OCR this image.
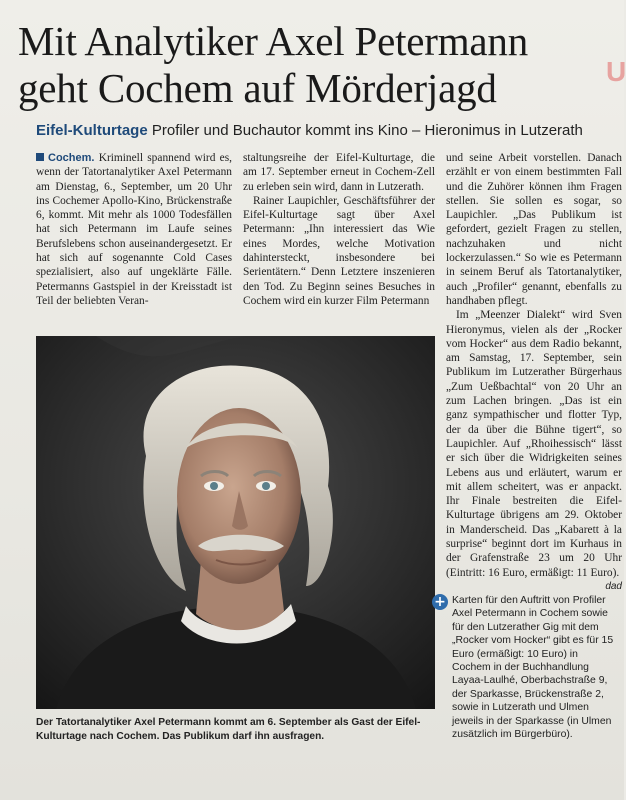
Mit Analytiker Axel Petermann
geht Cochem auf Mörderjagd	U
Eifel-Kulturtage Profiler und Buchautor kommt ins Kino – Hieronimus in Lutzerath

Cochem. Kriminell spannend wird es, wenn der Tatortanalytiker Axel Petermann am Dienstag, 6., September, um 20 Uhr ins Cochemer Apollo-Kino, Brückenstraße 6, kommt. Mit mehr als 1000 Todesfällen hat sich Petermann im Laufe seines Berufslebens schon auseinandergesetzt. Er hat sich auf sogenannte Cold Cases spezialisiert, also auf ungeklärte Fälle. Petermanns Gastspiel in der Kreisstadt ist Teil der beliebten Veran-

staltungsreihe der Eifel-Kulturtage, die am 17. September erneut in Cochem-Zell zu erleben sein wird, dann in Lutzerath.

Rainer Laupichler, Geschäftsführer der Eifel-Kulturtage sagt über Axel Petermann: „Ihn interessiert das Wie eines Mordes, welche Motivation dahintersteckt, insbesondere bei Serientätern.“ Denn Letztere inszenieren den Tod. Zu Beginn seines Besuches in Cochem wird ein kurzer Film Petermann

und seine Arbeit vorstellen. Danach erzählt er von einem bestimmten Fall und die Zuhörer können ihm Fragen stellen. Sie sollen es sogar, so Laupichler. „Das Publikum ist gefordert, gezielt Fragen zu stellen, nachzuhaken und nicht lockerzulassen.“ So wie es Petermann in seinem Beruf als Tatortanalytiker, auch „Profiler“ genannt, ebenfalls zu handhaben pflegt.

Im „Meenzer Dialekt“ wird Sven Hieronymus, vielen als der „Rocker vom Hocker“ aus dem Radio bekannt, am Samstag, 17. September, sein Publikum im Lutzerather Bürgerhaus „Zum Ueßbachtal“ von 20 Uhr an zum Lachen bringen. „Das ist ein ganz sympathischer und flotter Typ, der da über die Bühne tigert“, so Laupichler. Auf „Rhoihessisch“ lässt er sich über die Widrigkeiten seines Lebens aus und erläutert, warum er mit allem scheitert, was er anpackt. Ihr Finale bestreiten die Eifel-Kulturtage übrigens am 29. Oktober in Manderscheid. Das „Kabarett à la surprise“ beginnt dort im Kurhaus in der Grafenstraße 23 um 20 Uhr (Eintritt: 16 Euro, ermäßigt: 11 Euro).

dad
Der Tatortanalytiker Axel Petermann kommt am 6. September als Gast der Eifel-Kulturtage nach Cochem. Das Publikum darf ihn ausfragen.
+ Karten für den Auftritt von Profiler Axel Petermann in Cochem sowie für den Lutzerather Gig mit dem „Rocker vom Hocker“ gibt es für 15 Euro (ermäßigt: 10 Euro) in Cochem in der Buchhandlung Layaa-Laulhé, Oberbachstraße 9, der Sparkasse, Brückenstraße 2, sowie in Lutzerath und Ulmen jeweils in der Sparkasse (in Ulmen zusätzlich im Bürgerbüro).
